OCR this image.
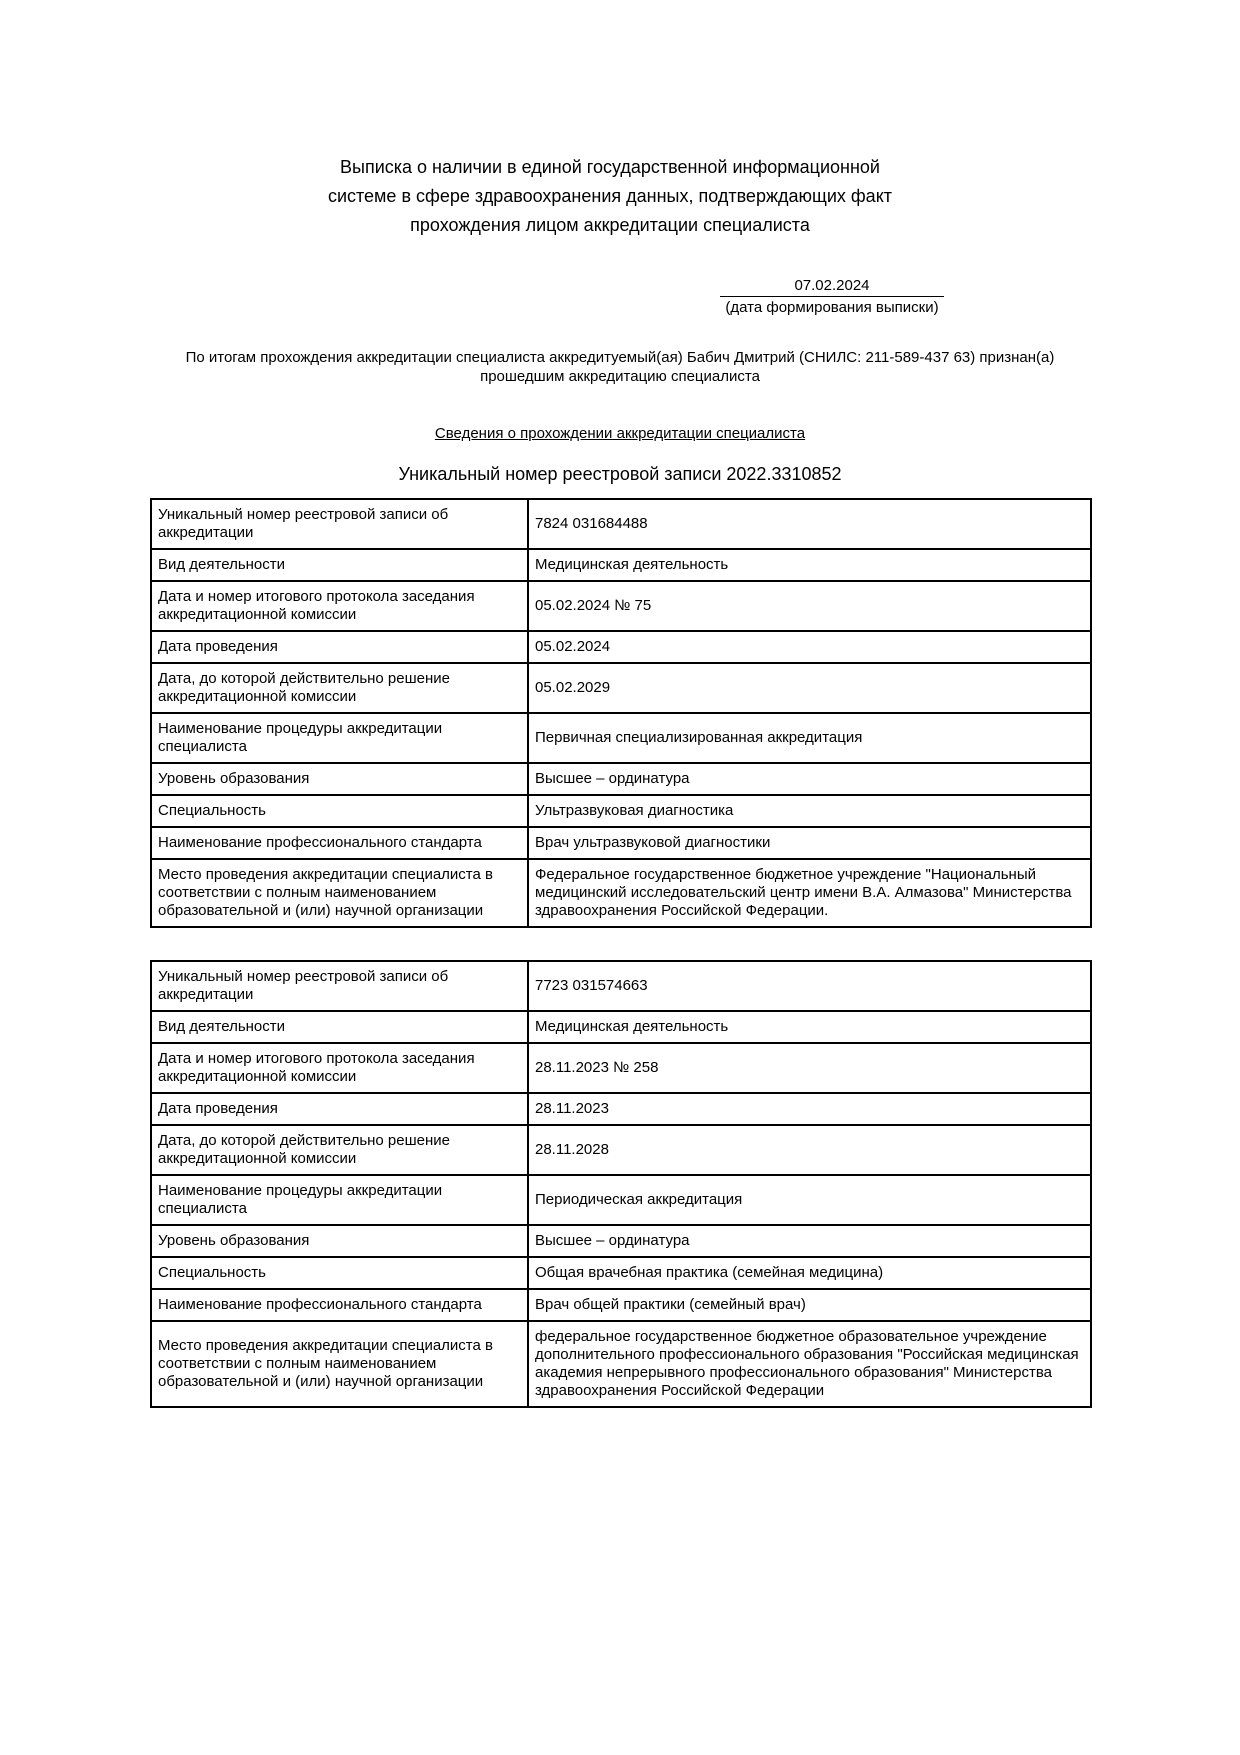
Выписка о наличии в единой государственной информационной
системе в сфере здравоохранения данных, подтверждающих факт
прохождения лицом аккредитации специалиста
07.02.2024
(дата формирования выписки)
По итогам прохождения аккредитации специалиста аккредитуемый(ая) Бабич Дмитрий (СНИЛС: 211-589-437 63) признан(а)
прошедшим аккредитацию специалиста
Сведения о прохождении аккредитации специалиста
Уникальный номер реестровой записи 2022.3310852
Уникальный номер реестровой записи об аккредитации	7824 031684488
Вид деятельности	Медицинская деятельность
Дата и номер итогового протокола заседания аккредитационной комиссии	05.02.2024 № 75
Дата проведения	05.02.2024
Дата, до которой действительно решение аккредитационной комиссии	05.02.2029
Наименование процедуры аккредитации специалиста	Первичная специализированная аккредитация
Уровень образования	Высшее – ординатура
Специальность	Ультразвуковая диагностика
Наименование профессионального стандарта	Врач ультразвуковой диагностики
Место проведения аккредитации специалиста в соответствии с полным наименованием образовательной и (или) научной организации	Федеральное государственное бюджетное учреждение "Национальный медицинский исследовательский центр имени В.А. Алмазова" Министерства здравоохранения Российской Федерации.
Уникальный номер реестровой записи об аккредитации	7723 031574663
Вид деятельности	Медицинская деятельность
Дата и номер итогового протокола заседания аккредитационной комиссии	28.11.2023 № 258
Дата проведения	28.11.2023
Дата, до которой действительно решение аккредитационной комиссии	28.11.2028
Наименование процедуры аккредитации специалиста	Периодическая аккредитация
Уровень образования	Высшее – ординатура
Специальность	Общая врачебная практика (семейная медицина)
Наименование профессионального стандарта	Врач общей практики (семейный врач)
Место проведения аккредитации специалиста в соответствии с полным наименованием образовательной и (или) научной организации	федеральное государственное бюджетное образовательное учреждение дополнительного профессионального образования "Российская медицинская академия непрерывного профессионального образования" Министерства здравоохранения Российской Федерации
